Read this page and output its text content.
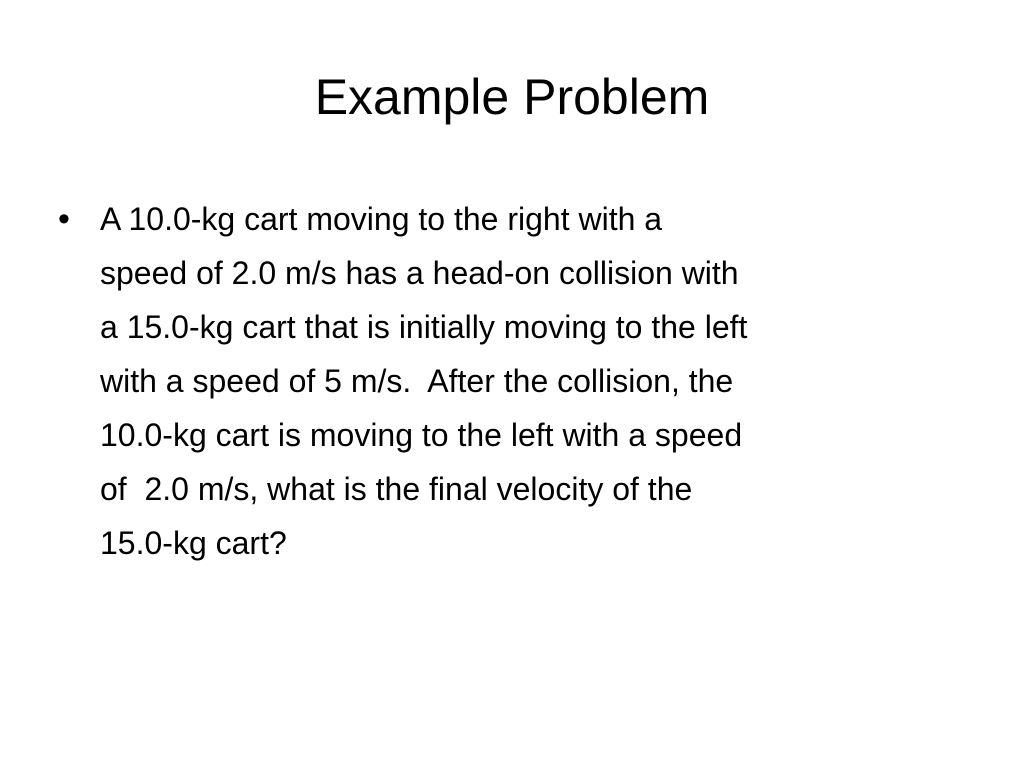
Example Problem
• A 10.0-kg cart moving to the right with a
speed of 2.0 m/s has a head-on collision with
a 15.0-kg cart that is initially moving to the left
with a speed of 5 m/s.  After the collision, the
10.0-kg cart is moving to the left with a speed
of  2.0 m/s, what is the final velocity of the
15.0-kg cart?
